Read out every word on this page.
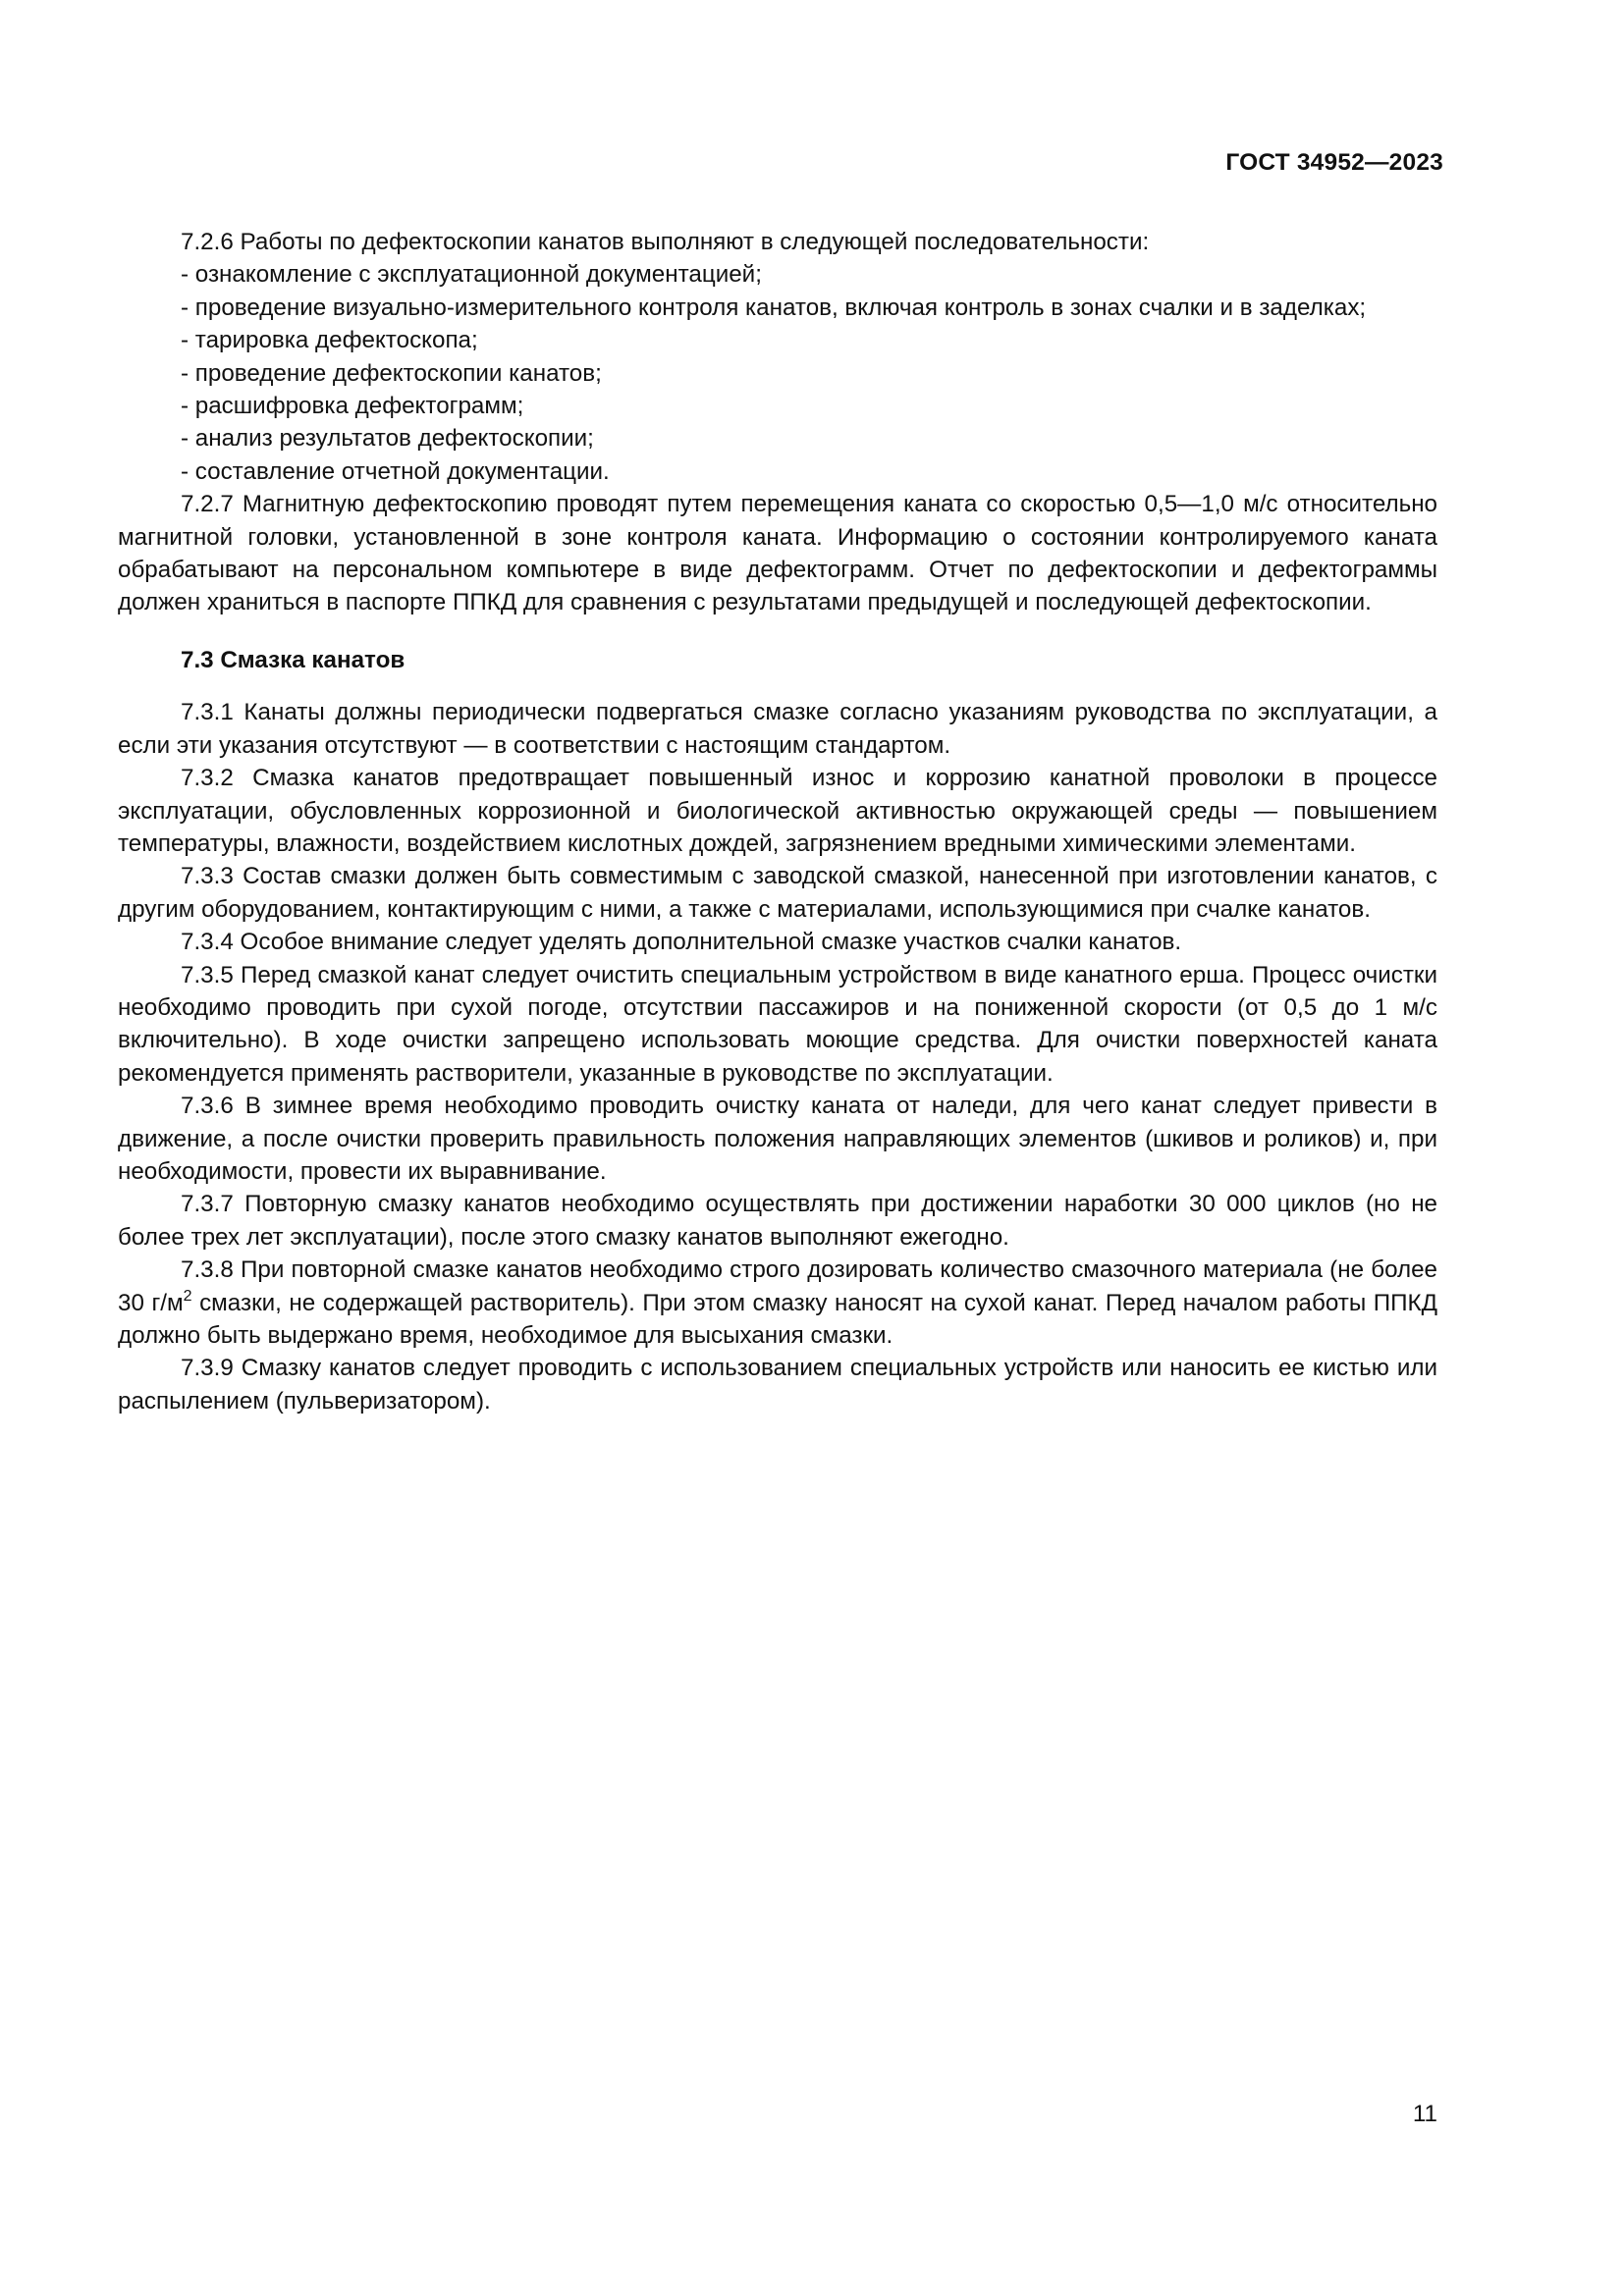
ГОСТ 34952—2023

7.2.6 Работы по дефектоскопии канатов выполняют в следующей последовательности:

- ознакомление с эксплуатационной документацией;

- проведение визуально-измерительного контроля канатов, включая контроль в зонах счалки и в заделках;

- тарировка дефектоскопа;

- проведение дефектоскопии канатов;

- расшифровка дефектограмм;

- анализ результатов дефектоскопии;

- составление отчетной документации.

7.2.7 Магнитную дефектоскопию проводят путем перемещения каната со скоростью 0,5—1,0 м/с относительно магнитной головки, установленной в зоне контроля каната. Информацию о состоянии контролируемого каната обрабатывают на персональном компьютере в виде дефектограмм. Отчет по дефектоскопии и дефектограммы должен храниться в паспорте ППКД для сравнения с результатами предыдущей и последующей дефектоскопии.

7.3 Смазка канатов

7.3.1 Канаты должны периодически подвергаться смазке согласно указаниям руководства по эксплуатации, а если эти указания отсутствуют — в соответствии с настоящим стандартом.

7.3.2 Смазка канатов предотвращает повышенный износ и коррозию канатной проволоки в процессе эксплуатации, обусловленных коррозионной и биологической активностью окружающей среды — повышением температуры, влажности, воздействием кислотных дождей, загрязнением вредными химическими элементами.

7.3.3 Состав смазки должен быть совместимым с заводской смазкой, нанесенной при изготовлении канатов, с другим оборудованием, контактирующим с ними, а также с материалами, использующимися при счалке канатов.

7.3.4 Особое внимание следует уделять дополнительной смазке участков счалки канатов.

7.3.5 Перед смазкой канат следует очистить специальным устройством в виде канатного ерша. Процесс очистки необходимо проводить при сухой погоде, отсутствии пассажиров и на пониженной скорости (от 0,5 до 1 м/с включительно). В ходе очистки запрещено использовать моющие средства. Для очистки поверхностей каната рекомендуется применять растворители, указанные в руководстве по эксплуатации.

7.3.6 В зимнее время необходимо проводить очистку каната от наледи, для чего канат следует привести в движение, а после очистки проверить правильность положения направляющих элементов (шкивов и роликов) и, при необходимости, провести их выравнивание.

7.3.7 Повторную смазку канатов необходимо осуществлять при достижении наработки 30 000 циклов (но не более трех лет эксплуатации), после этого смазку канатов выполняют ежегодно.

7.3.8 При повторной смазке канатов необходимо строго дозировать количество смазочного материала (не более 30 $г/м^2$ смазки, не содержащей растворитель). При этом смазку наносят на сухой канат. Перед началом работы ППКД должно быть выдержано время, необходимое для высыхания смазки.

7.3.9 Смазку канатов следует проводить с использованием специальных устройств или наносить ее кистью или распылением (пульверизатором).

11
